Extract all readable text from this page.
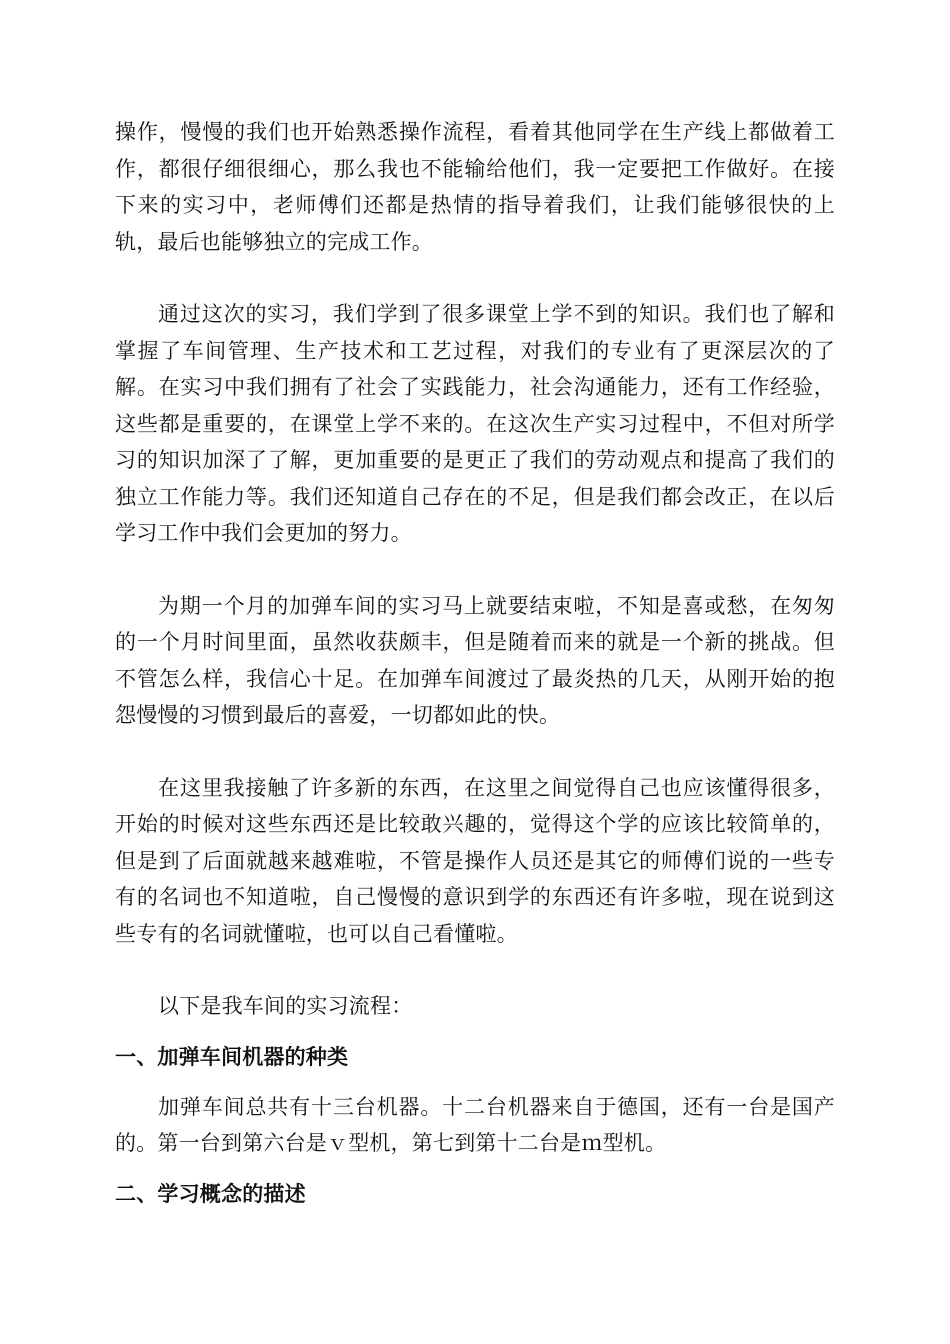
操作，慢慢的我们也开始熟悉操作流程，看着其他同学在生产线上都做着工作，都很仔细很细心，那么我也不能输给他们，我一定要把工作做好。在接下来的实习中，老师傅们还都是热情的指导着我们，让我们能够很快的上轨，最后也能够独立的完成工作。

通过这次的实习，我们学到了很多课堂上学不到的知识。我们也了解和掌握了车间管理、生产技术和工艺过程，对我们的专业有了更深层次的了解。在实习中我们拥有了社会了实践能力，社会沟通能力，还有工作经验，这些都是重要的，在课堂上学不来的。在这次生产实习过程中，不但对所学习的知识加深了了解，更加重要的是更正了我们的劳动观点和提高了我们的独立工作能力等。我们还知道自己存在的不足，但是我们都会改正，在以后学习工作中我们会更加的努力。

为期一个月的加弹车间的实习马上就要结束啦，不知是喜或愁，在匆匆的一个月时间里面，虽然收获颇丰，但是随着而来的就是一个新的挑战。但不管怎么样，我信心十足。在加弹车间渡过了最炎热的几天，从刚开始的抱怨慢慢的习惯到最后的喜爱，一切都如此的快。

在这里我接触了许多新的东西，在这里之间觉得自己也应该懂得很多，开始的时候对这些东西还是比较敢兴趣的，觉得这个学的应该比较简单的，但是到了后面就越来越难啦，不管是操作人员还是其它的师傅们说的一些专有的名词也不知道啦，自己慢慢的意识到学的东西还有许多啦，现在说到这些专有的名词就懂啦，也可以自己看懂啦。

以下是我车间的实习流程：

一、加弹车间机器的种类

加弹车间总共有十三台机器。十二台机器来自于德国，还有一台是国产的。第一台到第六台是ｖ型机，第七到第十二台是ｍ型机。

二、学习概念的描述
